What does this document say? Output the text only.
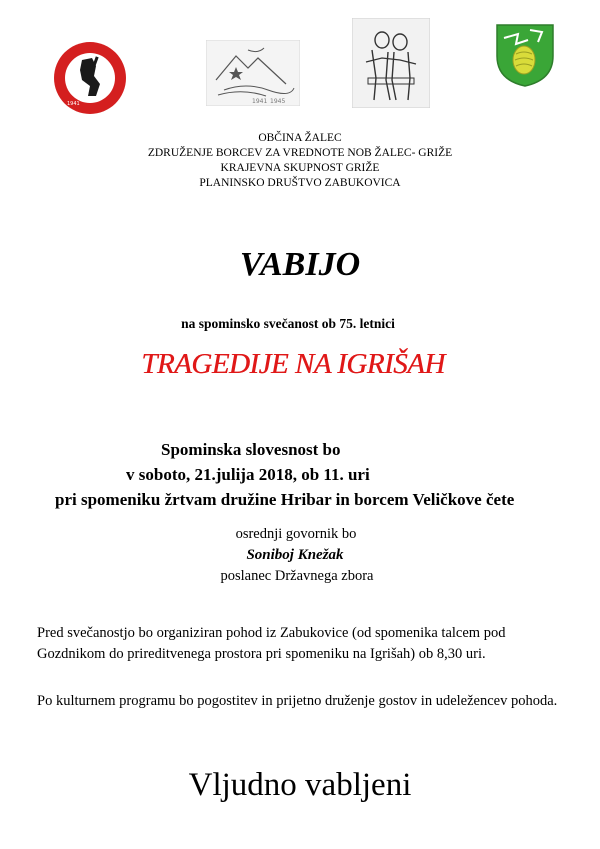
1941	1941 1945
OBČINA ŽALEC
ZDRUŽENJE BORCEV ZA VREDNOTE NOB ŽALEC- GRIŽE
KRAJEVNA SKUPNOST GRIŽE
PLANINSKO DRUŠTVO ZABUKOVICA
VABIJO
na spominsko svečanost ob 75. letnici
TRAGEDIJE NA IGRIŠAH
Spominska slovesnost bo
v soboto, 21.julija 2018, ob 11. uri
pri spomeniku žrtvam družine Hribar in borcem Veličkove čete
osrednji govornik bo
Soniboj Knežak
poslanec Državnega zbora
Pred svečanostjo bo organiziran pohod iz Zabukovice (od spomenika talcem pod Gozdnikom do prireditvenega prostora pri spomeniku na Igrišah) ob 8,30 uri.
Po kulturnem programu bo pogostitev in prijetno druženje gostov in udeležencev pohoda.
Vljudno vabljeni
